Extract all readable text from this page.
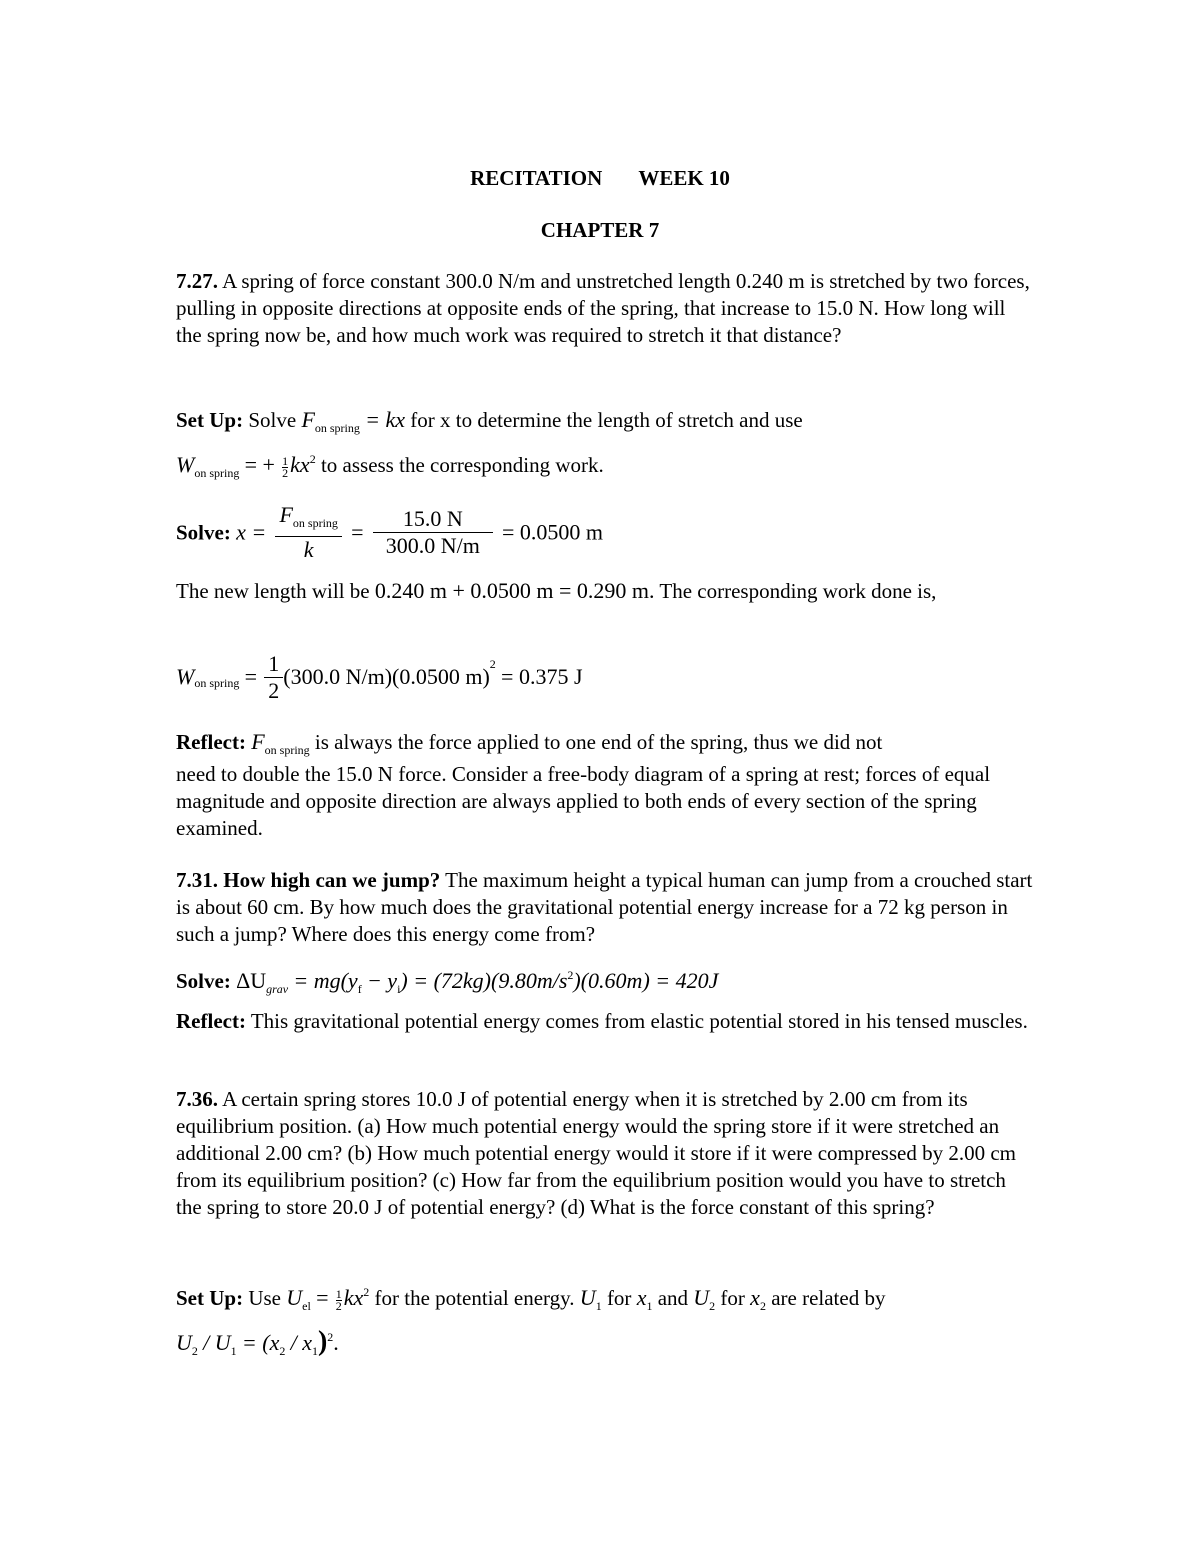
RECITATION WEEK 10
CHAPTER 7
7.27. A spring of force constant 300.0 N/m and unstretched length 0.240 m is stretched by two forces, pulling in opposite directions at opposite ends of the spring, that increase to 15.0 N. How long will the spring now be, and how much work was required to stretch it that distance?
Set Up: Solve $F_{on spring}$ = kx for x to determine the length of stretch and use
$W_{on spring}$ = + $\frac{1}{2}kx^2$ to assess the corresponding work.
Solve: $x = \frac{F_{on spring}}{k} = \frac{15.0 N}{300.0 N/m} = 0.0500$ m
The new length will be 0.240 m + 0.0500 m = 0.290 m. The corresponding work done is,
$W_{on spring} = \frac{1}{2} (300.0$ N/m)(0.0500 m)$^2$ = 0.375 J
Reflect: $F_{on spring}$ is always the force applied to one end of the spring, thus we did not
need to double the 15.0 N force. Consider a free-body diagram of a spring at rest; forces of equal magnitude and opposite direction are always applied to both ends of every section of the spring examined.
7.31. How high can we jump? The maximum height a typical human can jump from a crouched start is about 60 cm. By how much does the gravitational potential energy increase for a 72 kg person in such a jump? Where does this energy come from?
Solve: $\Delta U_{grav} = mg(y_f - y_i) = (72kg)(9.80m/s^2)(0.60m) = 420J$
Reflect: This gravitational potential energy comes from elastic potential stored in his tensed muscles.
7.36. A certain spring stores 10.0 J of potential energy when it is stretched by 2.00 cm from its equilibrium position. (a) How much potential energy would the spring store if it were stretched an additional 2.00 cm? (b) How much potential energy would it store if it were compressed by 2.00 cm from its equilibrium position? (c) How far from the equilibrium position would you have to stretch the spring to store 20.0 J of potential energy? (d) What is the force constant of this spring?
Set Up: Use $U_{el} = \frac{1}{2}kx^2$ for the potential energy. $U_1$ for $x_1$ and $U_2$ for $x_2$ are related by
$U_2 / U_1 = (x_2 / x_1)^2$.
